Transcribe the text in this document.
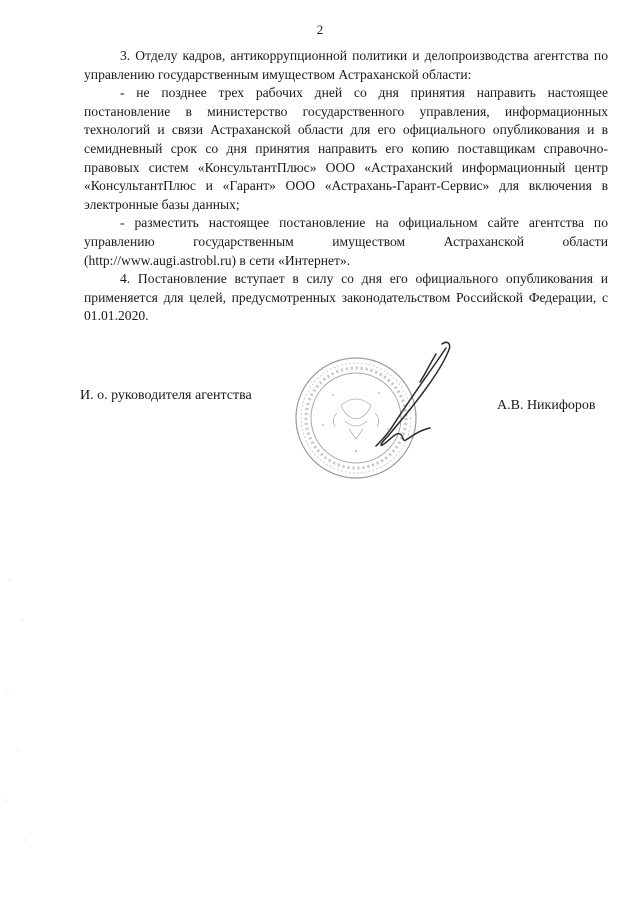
2

3. Отделу кадров, антикоррупционной политики и делопроизводства агентства по управлению государственным имуществом Астраханской области:

- не позднее трех рабочих дней со дня принятия направить настоящее постановление в министерство государственного управления, информационных технологий и связи Астраханской области для его официального опубликования и в семидневный срок со дня принятия направить его копию поставщикам справочно-правовых систем «КонсультантПлюс» ООО «Астраханский информационный центр «КонсультантПлюс и «Гарант» ООО «Астрахань-Гарант-Сервис» для включения в электронные базы данных;

- разместить настоящее постановление на официальном сайте агентства по управлению государственным имуществом Астраханской области (http://www.augi.astrobl.ru) в сети «Интернет».

4. Постановление вступает в силу со дня его официального опубликования и применяется для целей, предусмотренных законодательством Российской Федерации, с 01.01.2020.

И. о. руководителя агентства
А.В. Никифоров
